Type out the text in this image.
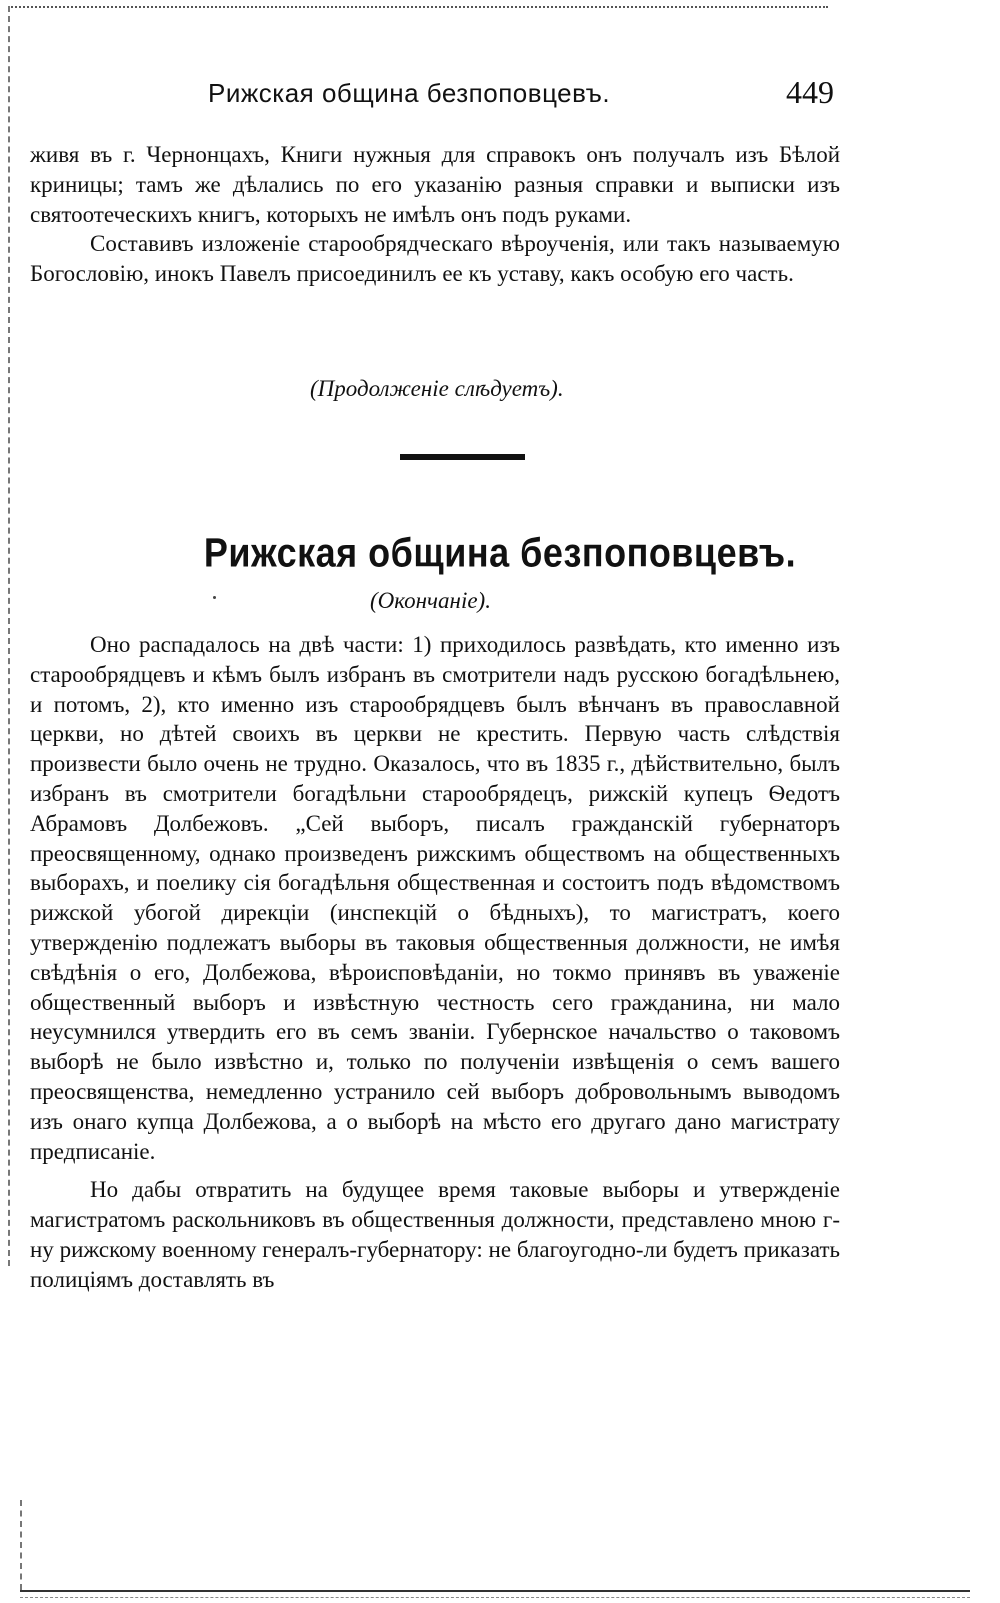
Рижская община безпоповцевъ.	449

живя въ г. Чернонцахъ, Книги нужныя для справокъ онъ получалъ изъ Бѣлой криницы; тамъ же дѣлались по его указанію разныя справки и выписки изъ святоотеческихъ книгъ, которыхъ не имѣлъ онъ подъ руками.

Составивъ изложеніе старообрядческаго вѣроученія, или такъ называемую Богословію, инокъ Павелъ присоединилъ ее къ уставу, какъ особую его часть.

(Продолженіе слѣдуетъ).
Рижская община безпоповцевъ.
(Окончаніе).

Оно распадалось на двѣ части: 1) приходилось развѣдать, кто именно изъ старообрядцевъ и кѣмъ былъ избранъ въ смотрители надъ русскою богадѣльнею, и потомъ, 2), кто именно изъ старообрядцевъ былъ вѣнчанъ въ православной церкви, но дѣтей своихъ въ церкви не крестить. Первую часть слѣдствія произвести было очень не трудно. Оказалось, что въ 1835 г., дѣйствительно, былъ избранъ въ смотрители богадѣльни старообрядецъ, рижскій купецъ Ѳедотъ Абрамовъ Долбежовъ. „Сей выборъ, писалъ гражданскій губернаторъ преосвященному, однако произведенъ рижскимъ обществомъ на общественныхъ выборахъ, и поелику сія богадѣльня общественная и состоитъ подъ вѣдомствомъ рижской убогой дирекціи (инспекцій о бѣдныхъ), то магистратъ, коего утвержденію подлежатъ выборы въ таковыя общественныя должности, не имѣя свѣдѣнія о его, Долбежова, вѣроисповѣданіи, но токмо принявъ въ уваженіе общественный выборъ и извѣстную честность сего гражданина, ни мало неусумнился утвердить его въ семъ званіи. Губернское начальство о таковомъ выборѣ не было извѣстно и, только по полученіи извѣщенія о семъ вашего преосвященства, немедленно устранило сей выборъ добровольнымъ выводомъ изъ онаго купца Долбежова, а о выборѣ на мѣсто его другаго дано магистрату предписаніе.

Но дабы отвратить на будущее время таковые выборы и утвержденіе магистратомъ раскольниковъ въ общественныя должности, представлено мною г-ну рижскому военному генералъ-губернатору: не благоугодно-ли будетъ приказать полиціямъ доставлять въ
